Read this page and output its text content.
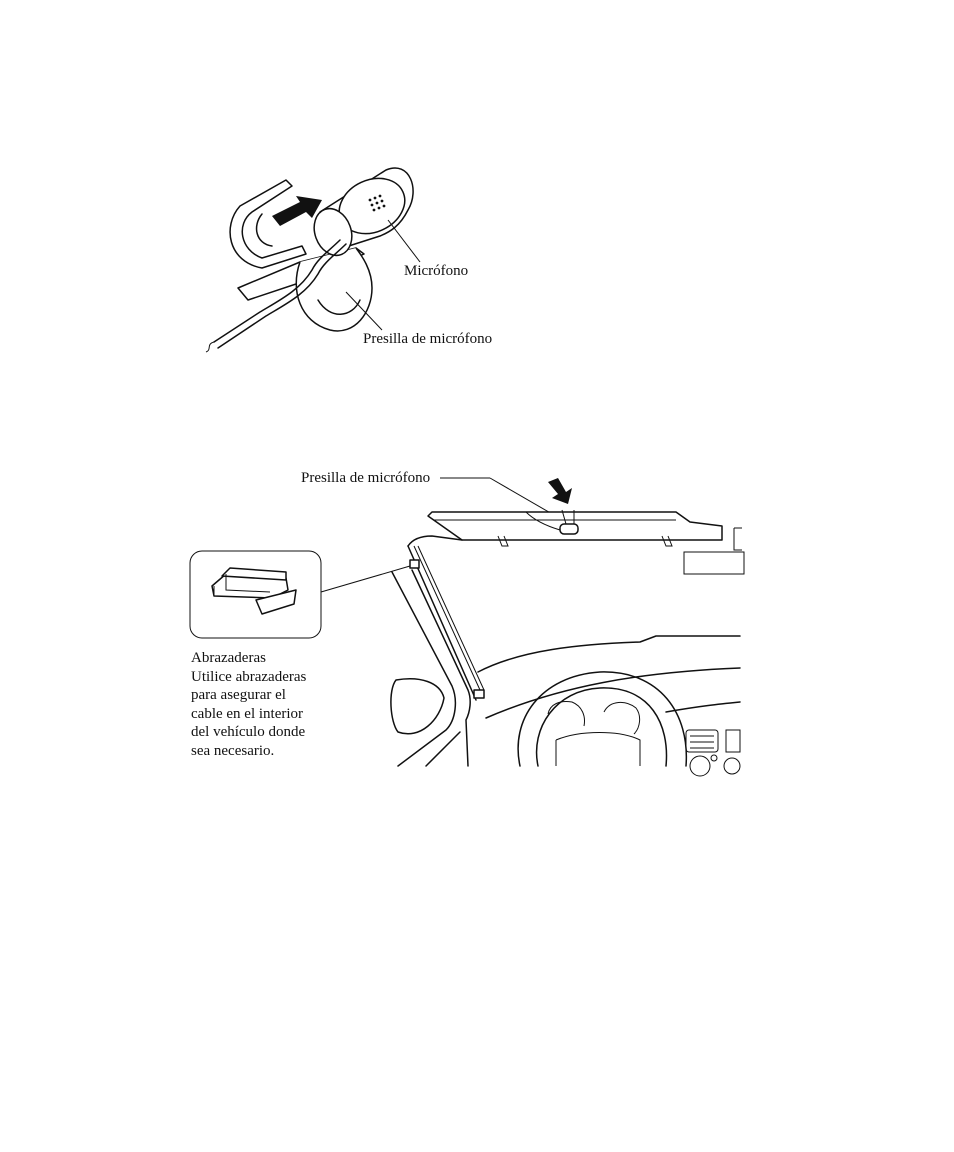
Micrófono
Presilla de micrófono
Presilla de micrófono
Abrazaderas
Utilice abrazaderas
para asegurar el
cable en el interior
del vehículo donde
sea necesario.
